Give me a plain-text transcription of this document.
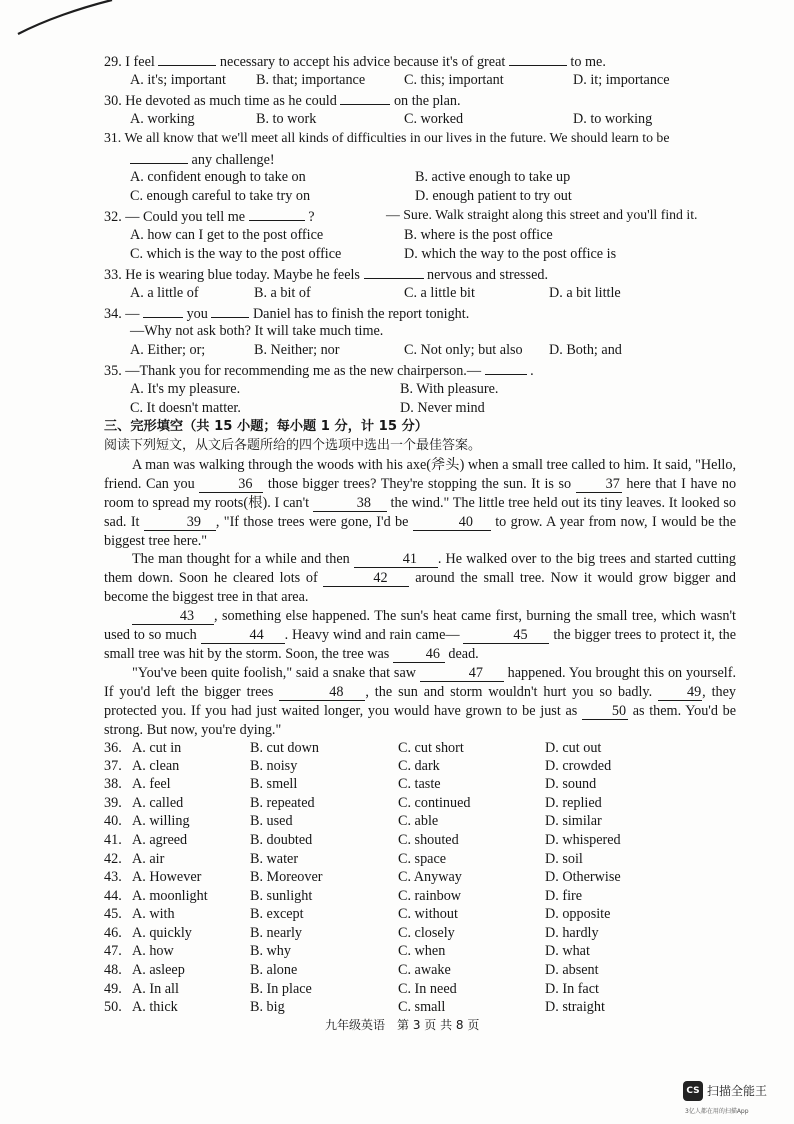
29. I feel	necessary to accept his advice because it's of great	to me.
A. it's; important B. that; importance	C. this; important	D. it; importance
30. He devoted as much time as he could	on the plan.
A. working	B. to work	C. worked	D. to working
31. We all know that we'll meet all kinds of difficulties in our lives in the future. We should learn to be
any challenge!
A. confident enough to take on	B. active enough to take up
C. enough careful to take try on	D. enough patient to try out
32. — Could you tell me	?	— Sure. Walk straight along this street and you'll find it.
A. how can I get to the post office	B. where is the post office
C. which is the way to the post office	D. which the way to the post office is
33. He is wearing blue today. Maybe he feels	nervous and stressed.
A. a little of	B. a bit of	C. a little bit	D. a bit little
34. —	you	Daniel has to finish the report tonight.
—Why not ask both? It will take much time.
A. Either; or;	B. Neither; nor	C. Not only; but also D. Both; and
35. —Thank you for recommending me as the new chairperson.—	.
A. It's my pleasure.	B. With pleasure.
C. It doesn't matter.	D. Never mind
三、完形填空（共 15 小题；每小题 1 分，计 15 分）
阅读下列短文，从文后各题所给的四个选项中选出一个最佳答案。
A man was walking through the woods with his axe(斧头) when a small tree called to him. It said, "Hello, friend. Can you	36 those bigger trees? They're stopping the sun. It is so 37 here that I have no room to spread my roots(根). I can't	38 the wind." The little tree held out its tiny leaves. It looked so sad. It	39 , "If those trees were gone, I'd be	40 to grow. A year from now, I would be the biggest tree here."
The man thought for a while and then	41 . He walked over to the big trees and started cutting them down. Soon he cleared lots of	42 around the small tree. Now it would grow bigger and become the biggest tree in that area.
43 , something else happened. The sun's heat came first, burning the small tree, which wasn't used to so much	44 . Heavy wind and rain came—	45 the bigger trees to protect it, the small tree was hit by the storm. Soon, the tree was	46 dead.
"You've been quite foolish," said a snake that saw	47 happened. You brought this on yourself. If you'd left the bigger trees	48 , the sun and storm wouldn't hurt you so badly. 49, they protected you. If you had just waited longer, you would have grown to be just as 50 as them. You'd be strong. But now, you're dying."
36. A. cut in	B. cut down	C. cut short	D. cut out
37. A. clean	B. noisy	C. dark	D. crowded
38. A. feel	B. smell	C. taste	D. sound
39. A. called	B. repeated	C. continued	D. replied
40. A. willing	B. used	C. able	D. similar
41. A. agreed	B. doubted	C. shouted	D. whispered
42. A. air	B. water	C. space	D. soil
43. A. However	B. Moreover	C. Anyway	D. Otherwise
44. A. moonlight	B. sunlight	C. rainbow	D. fire
45. A. with	B. except	C. without	D. opposite
46. A. quickly	B. nearly	C. closely	D. hardly
47. A. how	B. why	C. when	D. what
48. A. asleep	B. alone	C. awake	D. absent
49. A. In all	B. In place	C. In need	D. In fact
50. A. thick	B. big	C. small	D. straight
九年级英语　第 3 页 共 8 页
CS 扫描全能王
3亿人都在用的扫描App
